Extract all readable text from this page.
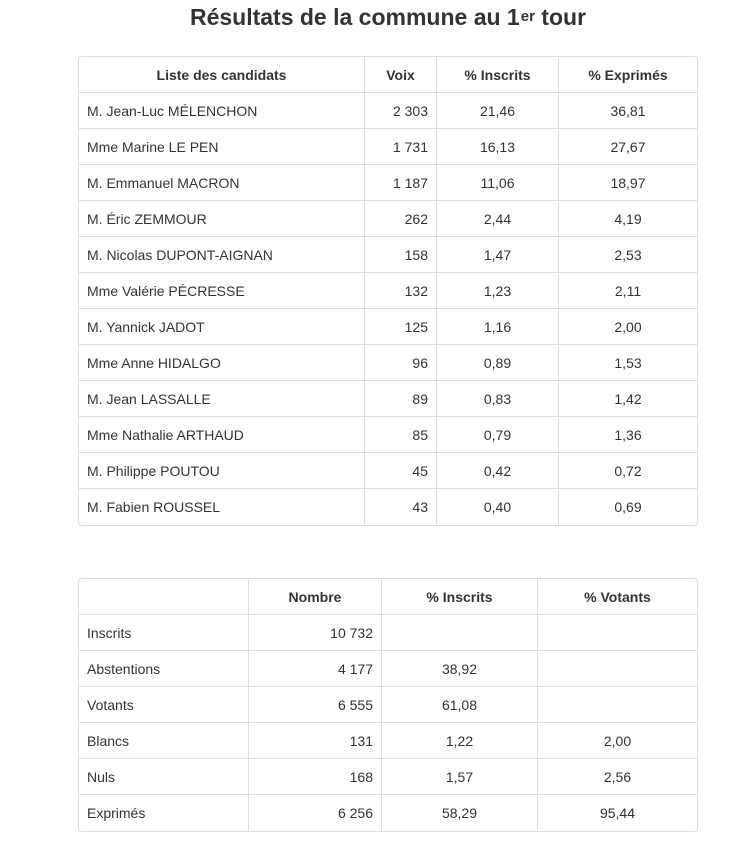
Résultats de la commune au 1er tour
Liste des candidats	Voix	% Inscrits	% Exprimés
M. Jean-Luc MÉLENCHON	2 303	21,46	36,81
Mme Marine LE PEN	1 731	16,13	27,67
M. Emmanuel MACRON	1 187	11,06	18,97
M. Éric ZEMMOUR	262	2,44	4,19
M. Nicolas DUPONT-AIGNAN	158	1,47	2,53
Mme Valérie PÉCRESSE	132	1,23	2,11
M. Yannick JADOT	125	1,16	2,00
Mme Anne HIDALGO	96	0,89	1,53
M. Jean LASSALLE	89	0,83	1,42
Mme Nathalie ARTHAUD	85	0,79	1,36
M. Philippe POUTOU	45	0,42	0,72
M. Fabien ROUSSEL	43	0,40	0,69
	Nombre	% Inscrits	% Votants
Inscrits	10 732		
Abstentions	4 177	38,92	
Votants	6 555	61,08	
Blancs	131	1,22	2,00
Nuls	168	1,57	2,56
Exprimés	6 256	58,29	95,44
